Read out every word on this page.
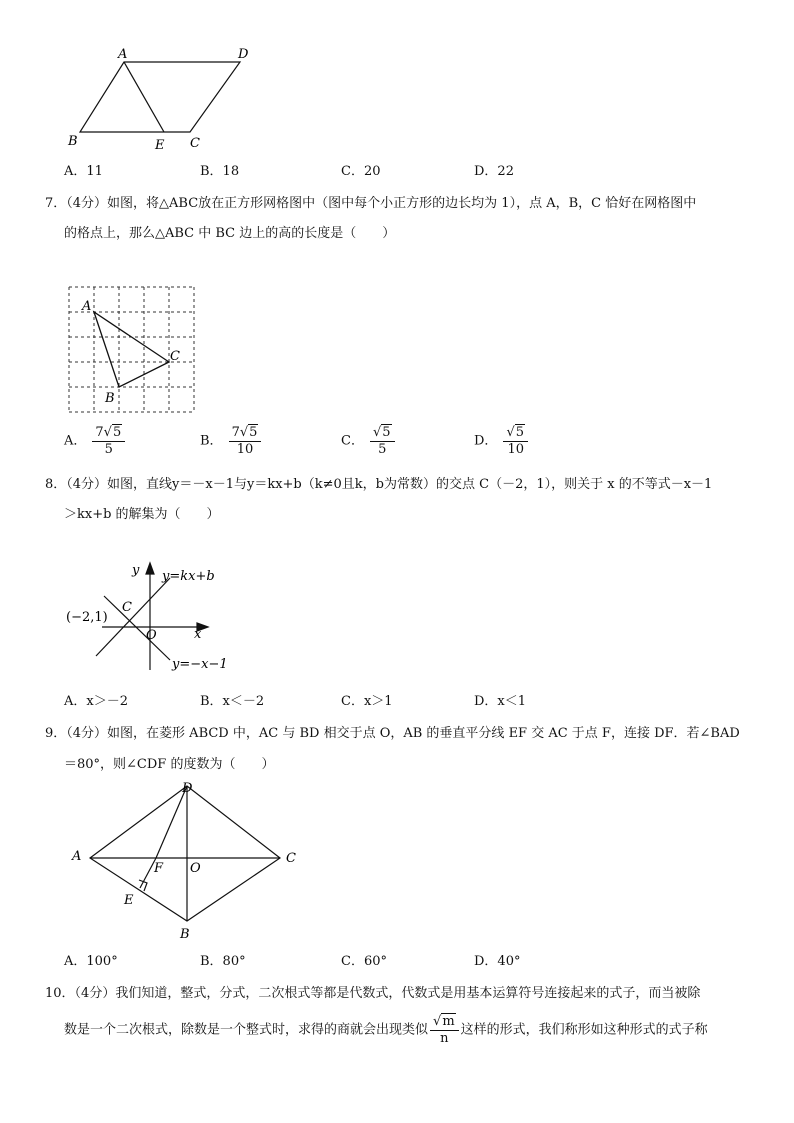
A	D
B	E C
A．11	B．18	C．20	D．22
7．（4分）如图，将△ABC放在正方形网格图中（图中每个小正方形的边长均为 1），点 A，B，C 恰好在网格图中
的格点上，那么△ABC 中 BC 边上的高的长度是（　　）
A
B
C
A． $\frac{7√5}{5}$	B． $\frac{7√5}{10}$	C． $\frac{√5}{5}$	D． $\frac{√5}{10}$
8．（4分）如图，直线y＝－x－1与y＝kx+b（k≠0且k，b为常数）的交点 C（－2，1），则关于 x 的不等式－x－1
＞kx+b 的解集为（　　）
y
x
O
C
(−2,1)
y=kx+b
y=−x−1
A．x＞－2	B．x＜－2	C．x＞1	D．x＜1
9．（4分）如图，在菱形 ABCD 中，AC 与 BD 相交于点 O，AB 的垂直平分线 EF 交 AC 于点 F，连接 DF．若∠BAD
＝80°，则∠CDF 的度数为（　　）
A
D
C
B
F O
E
A．100°	B．80°	C．60°	D．40°
10．（4分）我们知道，整式，分式，二次根式等都是代数式，代数式是用基本运算符号连接起来的式子，而当被除
数是一个二次根式，除数是一个整式时，求得的商就会出现类似 $\frac{√m}{n}$ 这样的形式，我们称形如这种形式的式子称
